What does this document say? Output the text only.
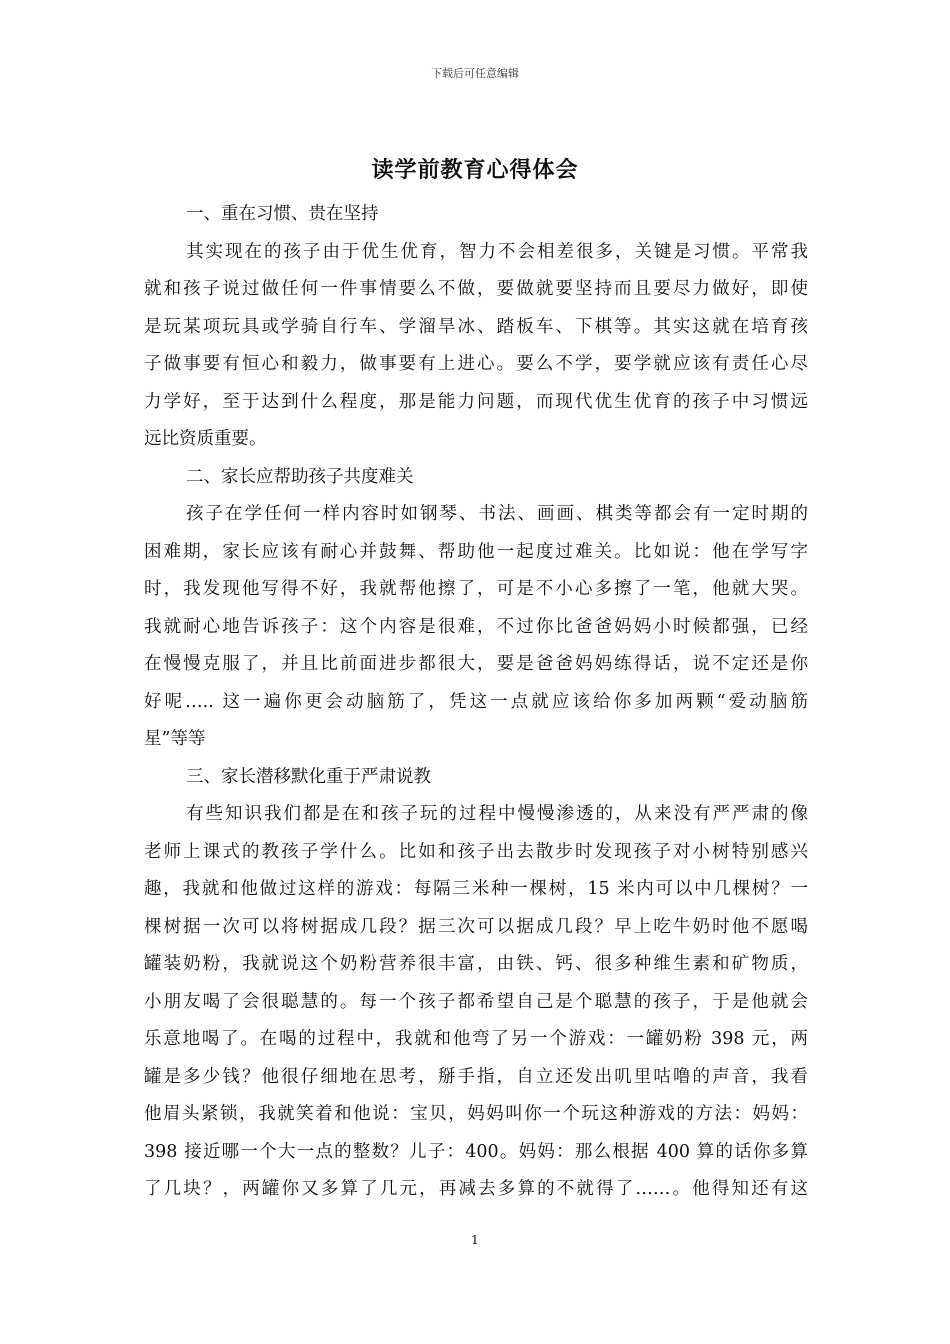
下载后可任意编辑
读学前教育心得体会
一、重在习惯、贵在坚持
其实现在的孩子由于优生优育，智力不会相差很多，关键是习惯。平常我
就和孩子说过做任何一件事情要么不做，要做就要坚持而且要尽力做好，即使
是玩某项玩具或学骑自行车、学溜旱冰、踏板车、下棋等。其实这就在培育孩
子做事要有恒心和毅力，做事要有上进心。要么不学，要学就应该有责任心尽
力学好，至于达到什么程度，那是能力问题，而现代优生优育的孩子中习惯远
远比资质重要。
二、家长应帮助孩子共度难关
孩子在学任何一样内容时如钢琴、书法、画画、棋类等都会有一定时期的
困难期，家长应该有耐心并鼓舞、帮助他一起度过难关。比如说：他在学写字
时，我发现他写得不好，我就帮他擦了，可是不小心多擦了一笔，他就大哭。
我就耐心地告诉孩子：这个内容是很难，不过你比爸爸妈妈小时候都强，已经
在慢慢克服了，并且比前面进步都很大，要是爸爸妈妈练得话，说不定还是你
好呢….. 这一遍你更会动脑筋了，凭这一点就应该给你多加两颗“爱动脑筋
星”等等
三、家长潜移默化重于严肃说教
有些知识我们都是在和孩子玩的过程中慢慢渗透的，从来没有严严肃的像
老师上课式的教孩子学什么。比如和孩子出去散步时发现孩子对小树特别感兴
趣，我就和他做过这样的游戏：每隔三米种一棵树，15 米内可以中几棵树？一
棵树据一次可以将树据成几段？据三次可以据成几段？早上吃牛奶时他不愿喝
罐装奶粉，我就说这个奶粉营养很丰富，由铁、钙、很多种维生素和矿物质，
小朋友喝了会很聪慧的。每一个孩子都希望自己是个聪慧的孩子，于是他就会
乐意地喝了。在喝的过程中，我就和他弯了另一个游戏：一罐奶粉 398 元，两
罐是多少钱？他很仔细地在思考，掰手指，自立还发出叽里咕噜的声音，我看
他眉头紧锁，我就笑着和他说：宝贝，妈妈叫你一个玩这种游戏的方法：妈妈：
398 接近哪一个大一点的整数？儿子：400。妈妈：那么根据 400 算的话你多算
了几块？，两罐你又多算了几元，再减去多算的不就得了……。他得知还有这
1
